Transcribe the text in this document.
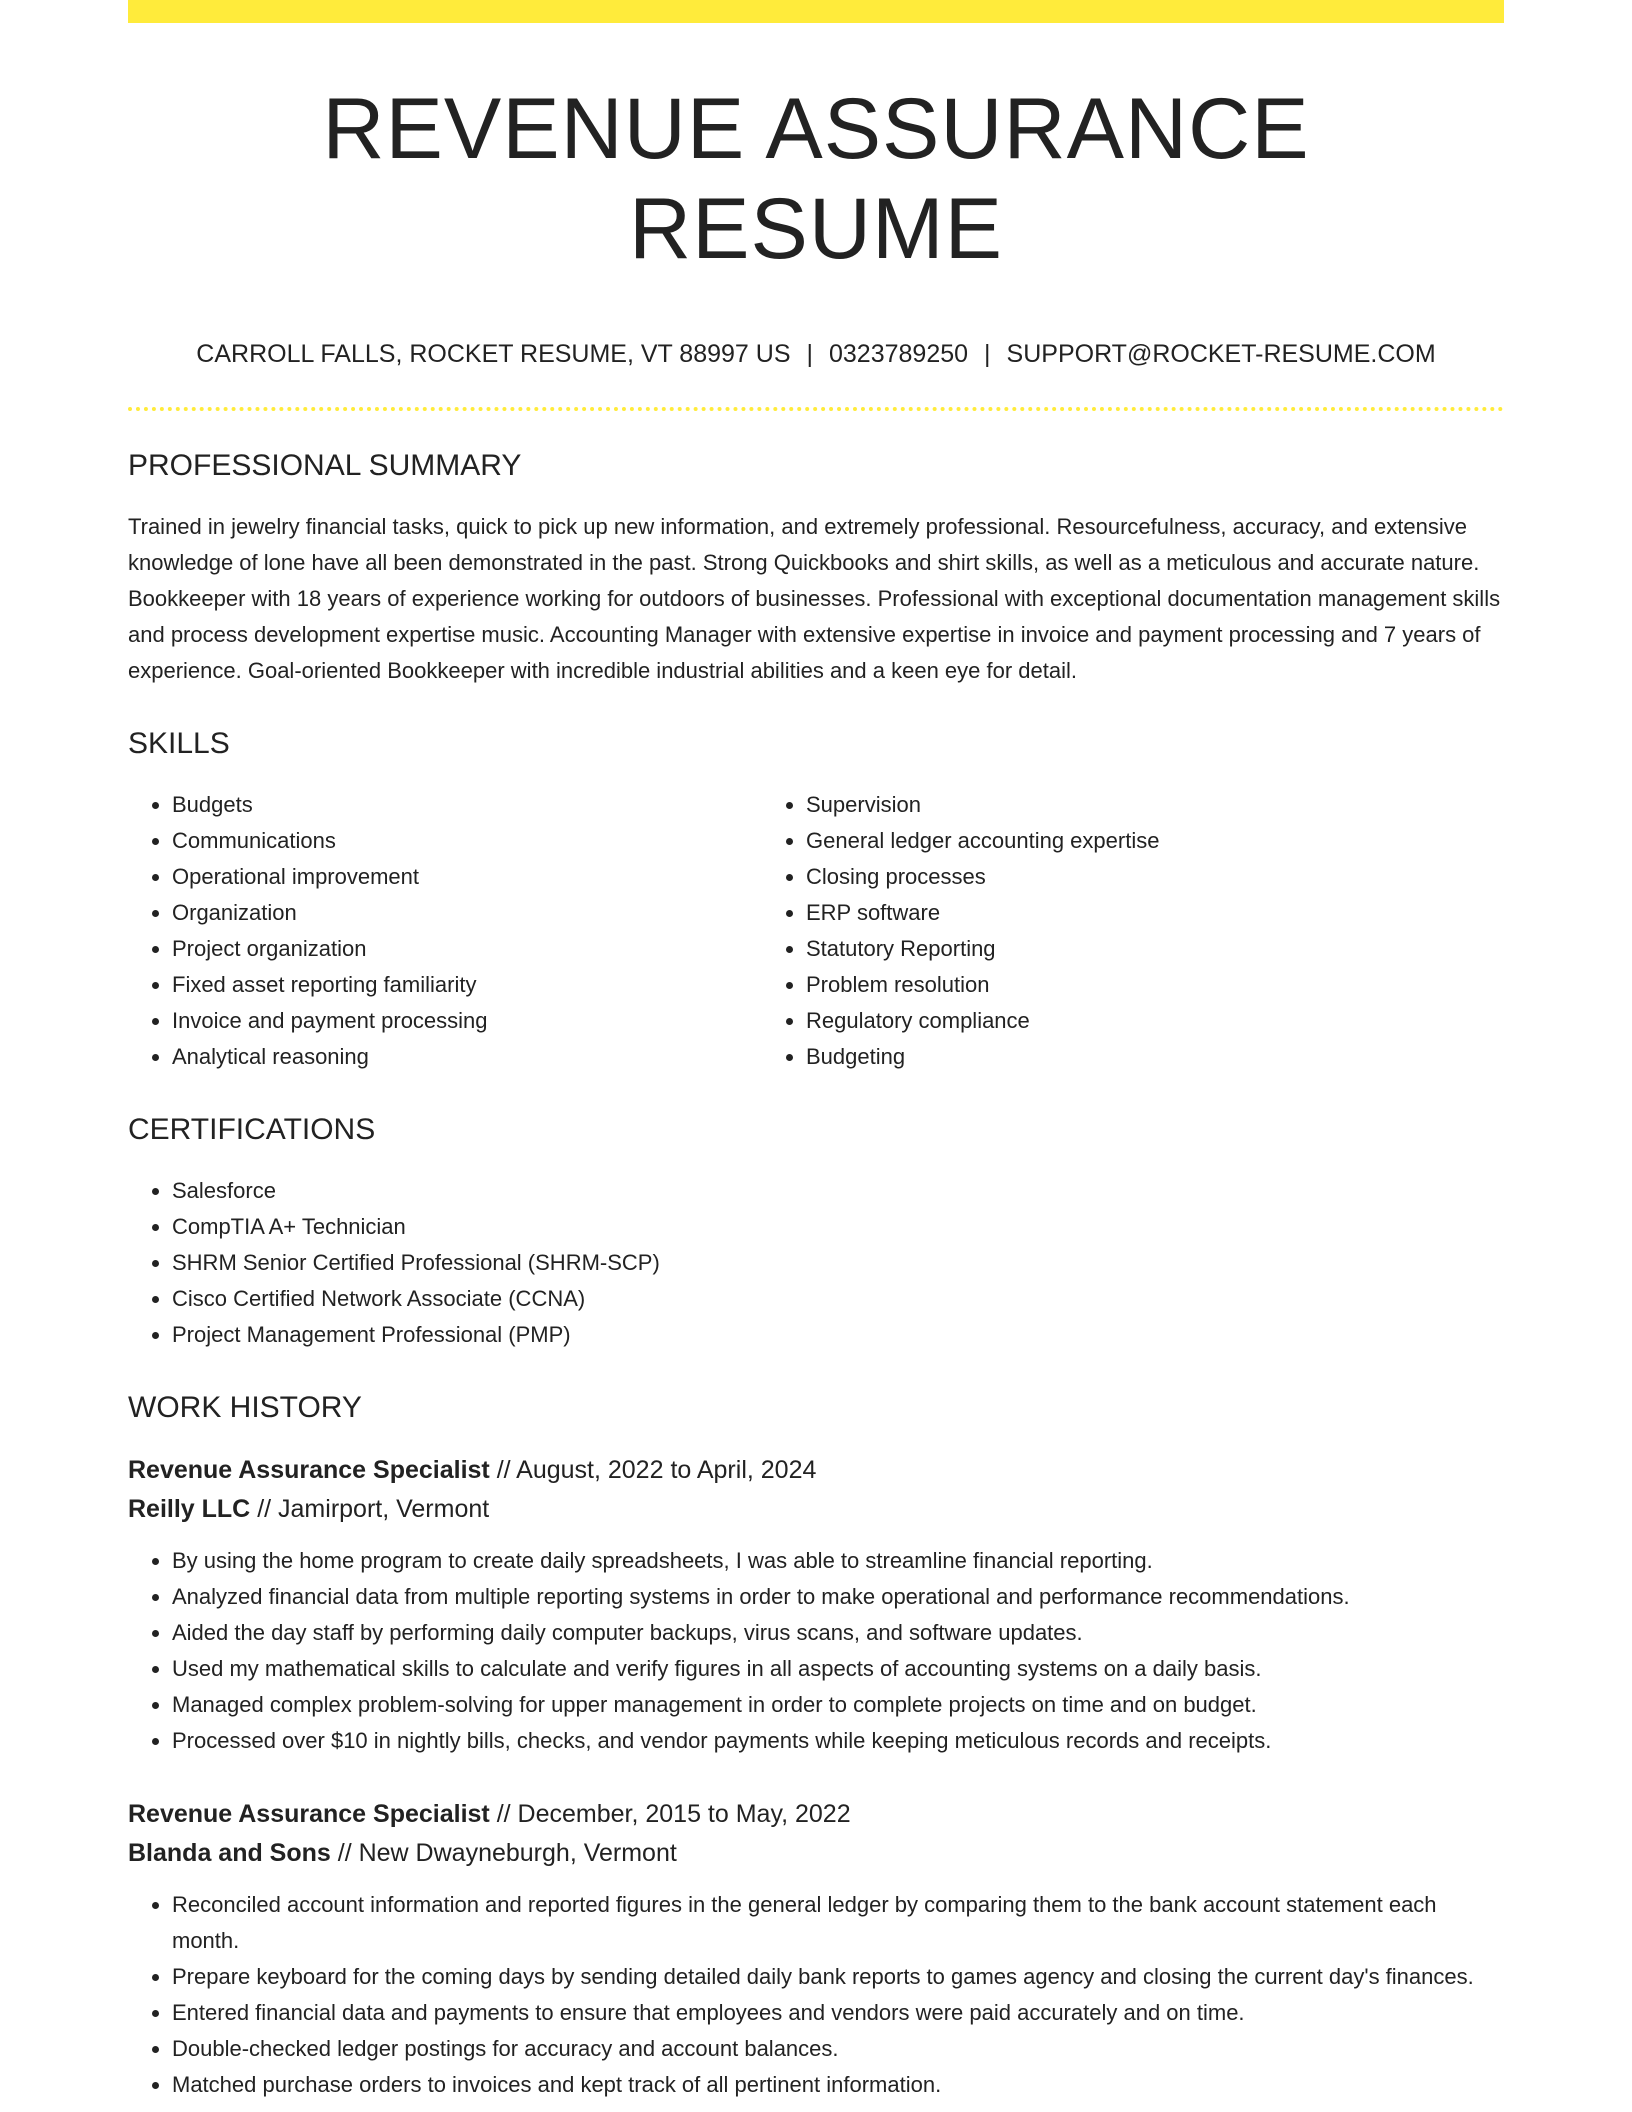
REVENUE ASSURANCE RESUME
CARROLL FALLS, ROCKET RESUME, VT 88997 US | 0323789250 | SUPPORT@ROCKET-RESUME.COM
PROFESSIONAL SUMMARY

Trained in jewelry financial tasks, quick to pick up new information, and extremely professional. Resourcefulness, accuracy, and extensive knowledge of lone have all been demonstrated in the past. Strong Quickbooks and shirt skills, as well as a meticulous and accurate nature. Bookkeeper with 18 years of experience working for outdoors of businesses. Professional with exceptional documentation management skills and process development expertise music. Accounting Manager with extensive expertise in invoice and payment processing and 7 years of experience. Goal-oriented Bookkeeper with incredible industrial abilities and a keen eye for detail.

SKILLS
• Budgets
• Communications
• Operational improvement
• Organization
• Project organization
• Fixed asset reporting familiarity
• Invoice and payment processing
• Analytical reasoning
• Supervision
• General ledger accounting expertise
• Closing processes
• ERP software
• Statutory Reporting
• Problem resolution
• Regulatory compliance
• Budgeting
CERTIFICATIONS
• Salesforce
• CompTIA A+ Technician
• SHRM Senior Certified Professional (SHRM-SCP)
• Cisco Certified Network Associate (CCNA)
• Project Management Professional (PMP)
WORK HISTORY
Revenue Assurance Specialist // August, 2022 to April, 2024
Reilly LLC // Jamirport, Vermont
• By using the home program to create daily spreadsheets, I was able to streamline financial reporting.
• Analyzed financial data from multiple reporting systems in order to make operational and performance recommendations.
• Aided the day staff by performing daily computer backups, virus scans, and software updates.
• Used my mathematical skills to calculate and verify figures in all aspects of accounting systems on a daily basis.
• Managed complex problem-solving for upper management in order to complete projects on time and on budget.
• Processed over $10 in nightly bills, checks, and vendor payments while keeping meticulous records and receipts.
Revenue Assurance Specialist // December, 2015 to May, 2022
Blanda and Sons // New Dwayneburgh, Vermont
• Reconciled account information and reported figures in the general ledger by comparing them to the bank account statement each month.
• Prepare keyboard for the coming days by sending detailed daily bank reports to games agency and closing the current day's finances.
• Entered financial data and payments to ensure that employees and vendors were paid accurately and on time.
• Double-checked ledger postings for accuracy and account balances.
• Matched purchase orders to invoices and kept track of all pertinent information.
